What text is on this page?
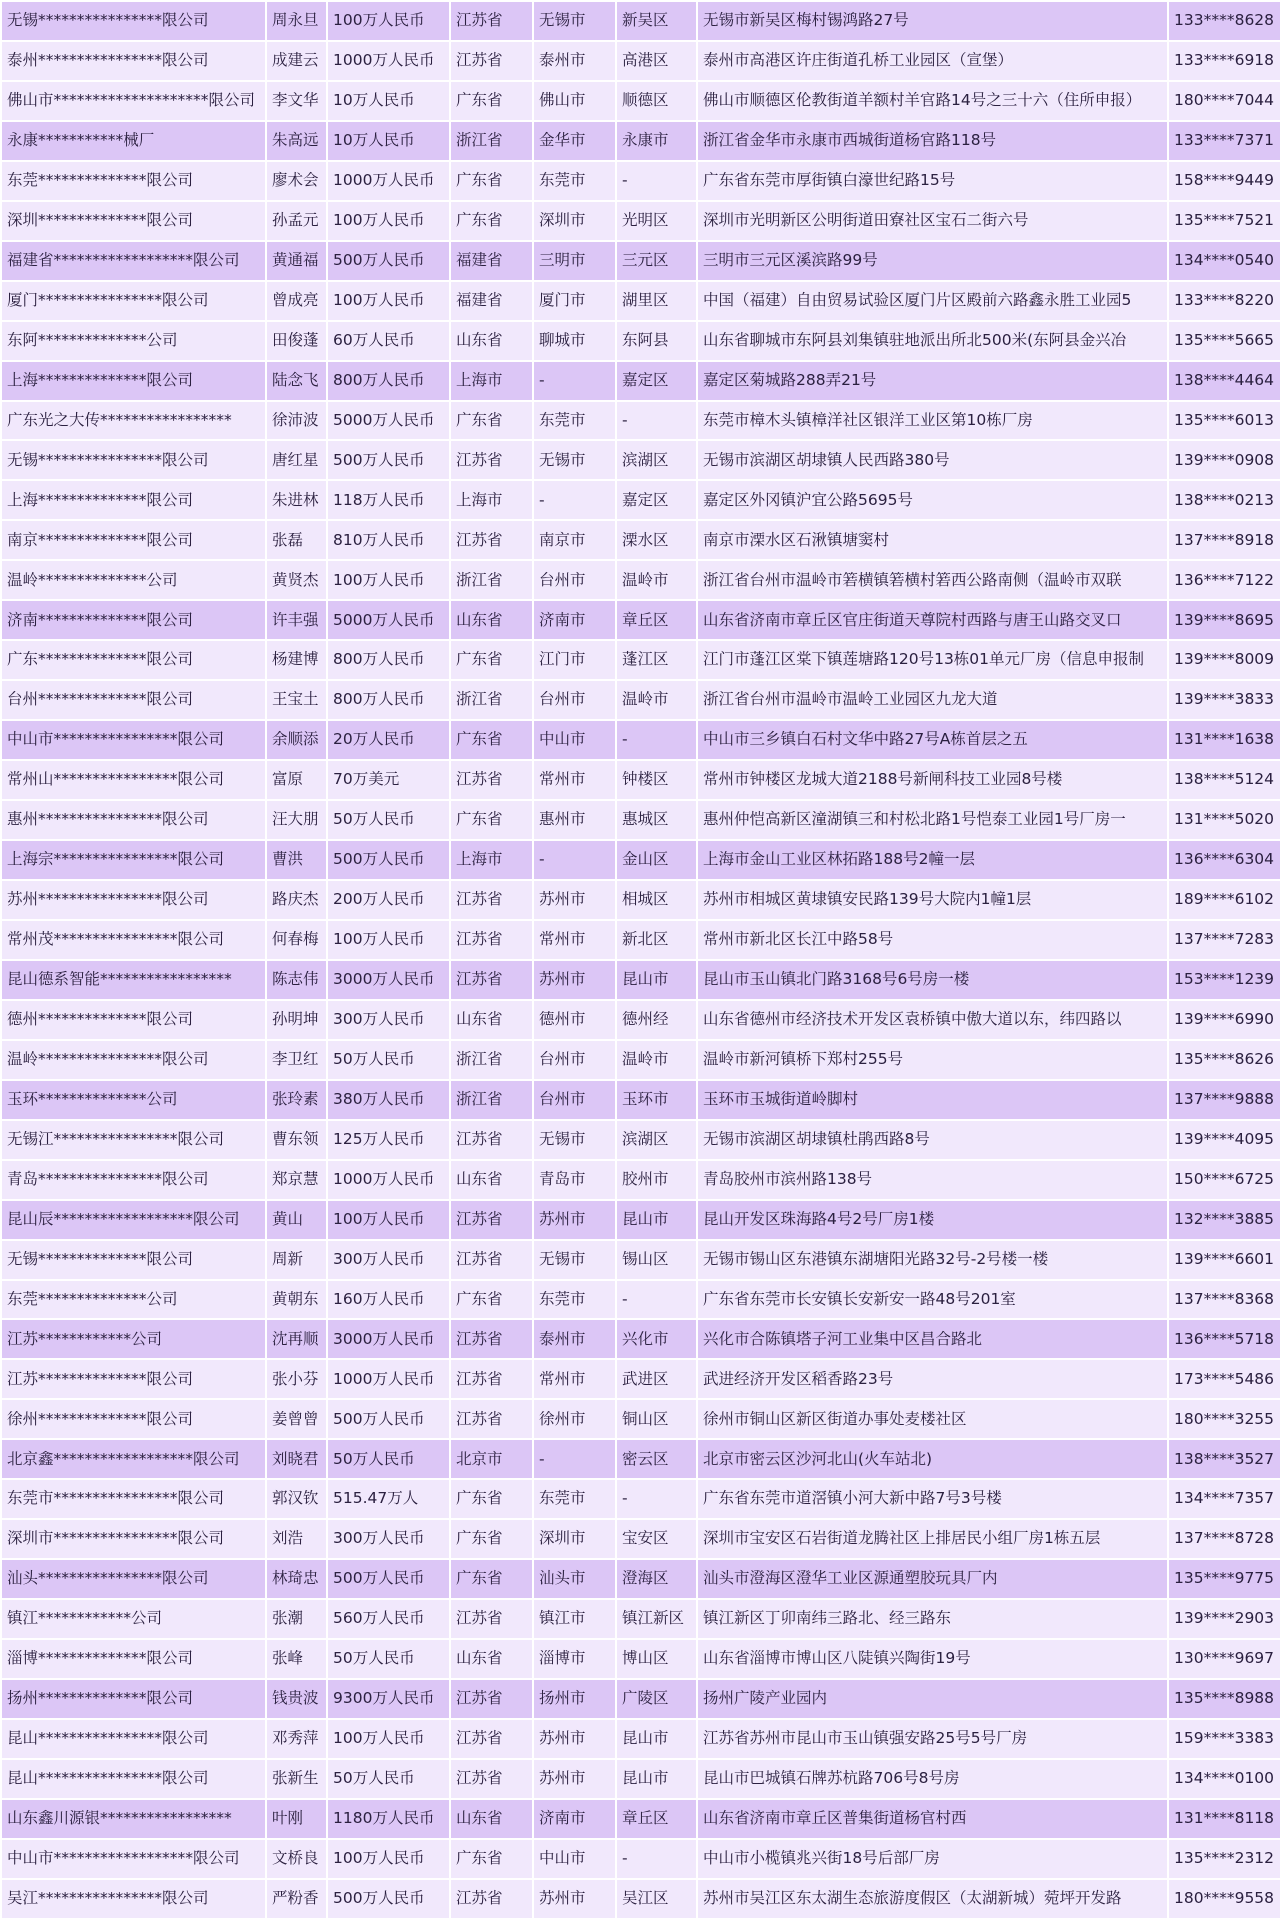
无锡****************限公司	周永旦	100万人民币	江苏省	无锡市	新吴区	无锡市新吴区梅村锡鸿路27号	133****8628
泰州****************限公司	成建云	1000万人民币	江苏省	泰州市	高港区	泰州市高港区许庄街道孔桥工业园区（宣堡）	133****6918
佛山市********************限公司	李文华	10万人民币	广东省	佛山市	顺德区	佛山市顺德区伦教街道羊额村羊官路14号之三十六（住所申报）	180****7044
永康***********械厂	朱高远	10万人民币	浙江省	金华市	永康市	浙江省金华市永康市西城街道杨官路118号	133****7371
东莞**************限公司	廖术会	1000万人民币	广东省	东莞市	-	广东省东莞市厚街镇白濠世纪路15号	158****9449
深圳**************限公司	孙孟元	100万人民币	广东省	深圳市	光明区	深圳市光明新区公明街道田寮社区宝石二街六号	135****7521
福建省******************限公司	黄通福	500万人民币	福建省	三明市	三元区	三明市三元区溪滨路99号	134****0540
厦门****************限公司	曾成亮	100万人民币	福建省	厦门市	湖里区	中国（福建）自由贸易试验区厦门片区殿前六路鑫永胜工业园5	133****8220
东阿**************公司	田俊蓬	60万人民币	山东省	聊城市	东阿县	山东省聊城市东阿县刘集镇驻地派出所北500米(东阿县金兴冶	135****5665
上海**************限公司	陆念飞	800万人民币	上海市	-	嘉定区	嘉定区菊城路288弄21号	138****4464
广东光之大传*****************	徐沛波	5000万人民币	广东省	东莞市	-	东莞市樟木头镇樟洋社区银洋工业区第10栋厂房	135****6013
无锡****************限公司	唐红星	500万人民币	江苏省	无锡市	滨湖区	无锡市滨湖区胡埭镇人民西路380号	139****0908
上海**************限公司	朱进林	118万人民币	上海市	-	嘉定区	嘉定区外冈镇沪宜公路5695号	138****0213
南京**************限公司	张磊	810万人民币	江苏省	南京市	溧水区	南京市溧水区石湫镇塘窦村	137****8918
温岭**************公司	黄贤杰	100万人民币	浙江省	台州市	温岭市	浙江省台州市温岭市箬横镇箬横村箬西公路南侧（温岭市双联	136****7122
济南**************限公司	许丰强	5000万人民币	山东省	济南市	章丘区	山东省济南市章丘区官庄街道天尊院村西路与唐王山路交叉口	139****8695
广东**************限公司	杨建博	800万人民币	广东省	江门市	蓬江区	江门市蓬江区棠下镇莲塘路120号13栋01单元厂房（信息申报制	139****8009
台州**************限公司	王宝土	800万人民币	浙江省	台州市	温岭市	浙江省台州市温岭市温岭工业园区九龙大道	139****3833
中山市****************限公司	余顺添	20万人民币	广东省	中山市	-	中山市三乡镇白石村文华中路27号A栋首层之五	131****1638
常州山****************限公司	富原	70万美元	江苏省	常州市	钟楼区	常州市钟楼区龙城大道2188号新闸科技工业园8号楼	138****5124
惠州****************限公司	汪大朋	50万人民币	广东省	惠州市	惠城区	惠州仲恺高新区潼湖镇三和村松北路1号恺泰工业园1号厂房一	131****5020
上海宗****************限公司	曹洪	500万人民币	上海市	-	金山区	上海市金山工业区林拓路188号2幢一层	136****6304
苏州****************限公司	路庆杰	200万人民币	江苏省	苏州市	相城区	苏州市相城区黄埭镇安民路139号大院内1幢1层	189****6102
常州茂****************限公司	何春梅	100万人民币	江苏省	常州市	新北区	常州市新北区长江中路58号	137****7283
昆山德系智能*****************	陈志伟	3000万人民币	江苏省	苏州市	昆山市	昆山市玉山镇北门路3168号6号房一楼	153****1239
德州**************限公司	孙明坤	300万人民币	山东省	德州市	德州经	山东省德州市经济技术开发区袁桥镇中傲大道以东，纬四路以	139****6990
温岭****************限公司	李卫红	50万人民币	浙江省	台州市	温岭市	温岭市新河镇桥下郑村255号	135****8626
玉环**************公司	张玲素	380万人民币	浙江省	台州市	玉环市	玉环市玉城街道岭脚村	137****9888
无锡江****************限公司	曹东领	125万人民币	江苏省	无锡市	滨湖区	无锡市滨湖区胡埭镇杜鹃西路8号	139****4095
青岛****************限公司	郑京慧	1000万人民币	山东省	青岛市	胶州市	青岛胶州市滨州路138号	150****6725
昆山辰******************限公司	黄山	100万人民币	江苏省	苏州市	昆山市	昆山开发区珠海路4号2号厂房1楼	132****3885
无锡**************限公司	周新	300万人民币	江苏省	无锡市	锡山区	无锡市锡山区东港镇东湖塘阳光路32号-2号楼一楼	139****6601
东莞**************公司	黄朝东	160万人民币	广东省	东莞市	-	广东省东莞市长安镇长安新安一路48号201室	137****8368
江苏************公司	沈再顺	3000万人民币	江苏省	泰州市	兴化市	兴化市合陈镇塔子河工业集中区昌合路北	136****5718
江苏**************限公司	张小芬	1000万人民币	江苏省	常州市	武进区	武进经济开发区稻香路23号	173****5486
徐州**************限公司	姜曾曾	500万人民币	江苏省	徐州市	铜山区	徐州市铜山区新区街道办事处麦楼社区	180****3255
北京鑫******************限公司	刘晓君	50万人民币	北京市	-	密云区	北京市密云区沙河北山(火车站北)	138****3527
东莞市****************限公司	郭汉钦	515.47万人	广东省	东莞市	-	广东省东莞市道滘镇小河大新中路7号3号楼	134****7357
深圳市****************限公司	刘浩	300万人民币	广东省	深圳市	宝安区	深圳市宝安区石岩街道龙腾社区上排居民小组厂房1栋五层	137****8728
汕头****************限公司	林琦忠	500万人民币	广东省	汕头市	澄海区	汕头市澄海区澄华工业区源通塑胶玩具厂内	135****9775
镇江************公司	张潮	560万人民币	江苏省	镇江市	镇江新区	镇江新区丁卯南纬三路北、经三路东	139****2903
淄博**************限公司	张峰	50万人民币	山东省	淄博市	博山区	山东省淄博市博山区八陡镇兴陶街19号	130****9697
扬州**************限公司	钱贵波	9300万人民币	江苏省	扬州市	广陵区	扬州广陵产业园内	135****8988
昆山****************限公司	邓秀萍	100万人民币	江苏省	苏州市	昆山市	江苏省苏州市昆山市玉山镇强安路25号5号厂房	159****3383
昆山****************限公司	张新生	50万人民币	江苏省	苏州市	昆山市	昆山市巴城镇石牌苏杭路706号8号房	134****0100
山东鑫川源银*****************	叶刚	1180万人民币	山东省	济南市	章丘区	山东省济南市章丘区普集街道杨官村西	131****8118
中山市******************限公司	文桥良	100万人民币	广东省	中山市	-	中山市小榄镇兆兴街18号后部厂房	135****2312
吴江****************限公司	严粉香	500万人民币	江苏省	苏州市	吴江区	苏州市吴江区东太湖生态旅游度假区（太湖新城）菀坪开发路	180****9558
